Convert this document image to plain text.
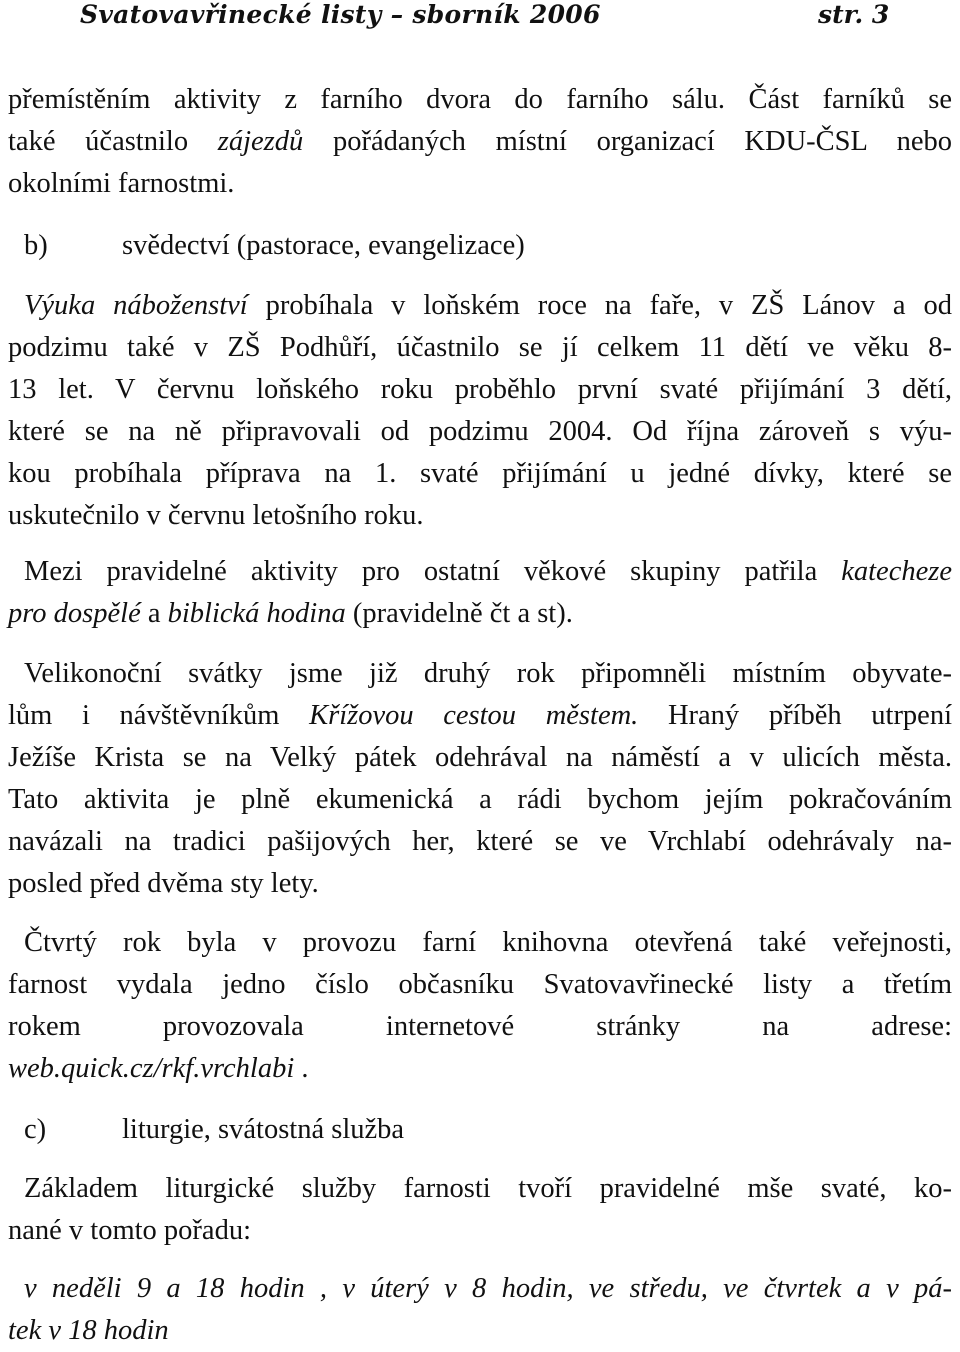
Svatovavřinecké listy – sborník 2006	str. 3
přemístěním aktivity z farního dvora do farního sálu. Část farníků se
také účastnilo zájezdů pořádaných místní organizací KDU-ČSL nebo
okolními farnostmi.
b)	svědectví (pastorace, evangelizace)
Výuka náboženství probíhala v loňském roce na faře, v ZŠ Lánov a od
podzimu také v ZŠ Podhůří, účastnilo se jí celkem 11 dětí ve věku 8-
13 let. V červnu loňského roku proběhlo první svaté přijímání 3 dětí,
které se na ně připravovali od podzimu 2004. Od října zároveň s výu-
kou probíhala příprava na 1. svaté přijímání u jedné dívky, které se
uskutečnilo v červnu letošního roku.
Mezi pravidelné aktivity pro ostatní věkové skupiny patřila katecheze
pro dospělé a biblická hodina (pravidelně čt a st).
Velikonoční svátky jsme již druhý rok připomněli místním obyvate-
lům i návštěvníkům Křížovou cestou městem. Hraný příběh utrpení
Ježíše Krista se na Velký pátek odehrával na náměstí a v ulicích města.
Tato aktivita je plně ekumenická a rádi bychom jejím pokračováním
navázali na tradici pašijových her, které se ve Vrchlabí odehrávaly na-
posled před dvěma sty lety.
Čtvrtý rok byla v provozu farní knihovna otevřená také veřejnosti,
farnost vydala jedno číslo občasníku Svatovavřinecké listy a třetím
rokem provozovala internetové stránky na adrese:
web.quick.cz/rkf.vrchlabi .
c)	liturgie, svátostná služba
Základem liturgické služby farnosti tvoří pravidelné mše svaté, ko-
nané v tomto pořadu:
v neděli 9 a 18 hodin , v úterý v 8 hodin, ve středu, ve čtvrtek a v pá-
tek v 18 hodin
